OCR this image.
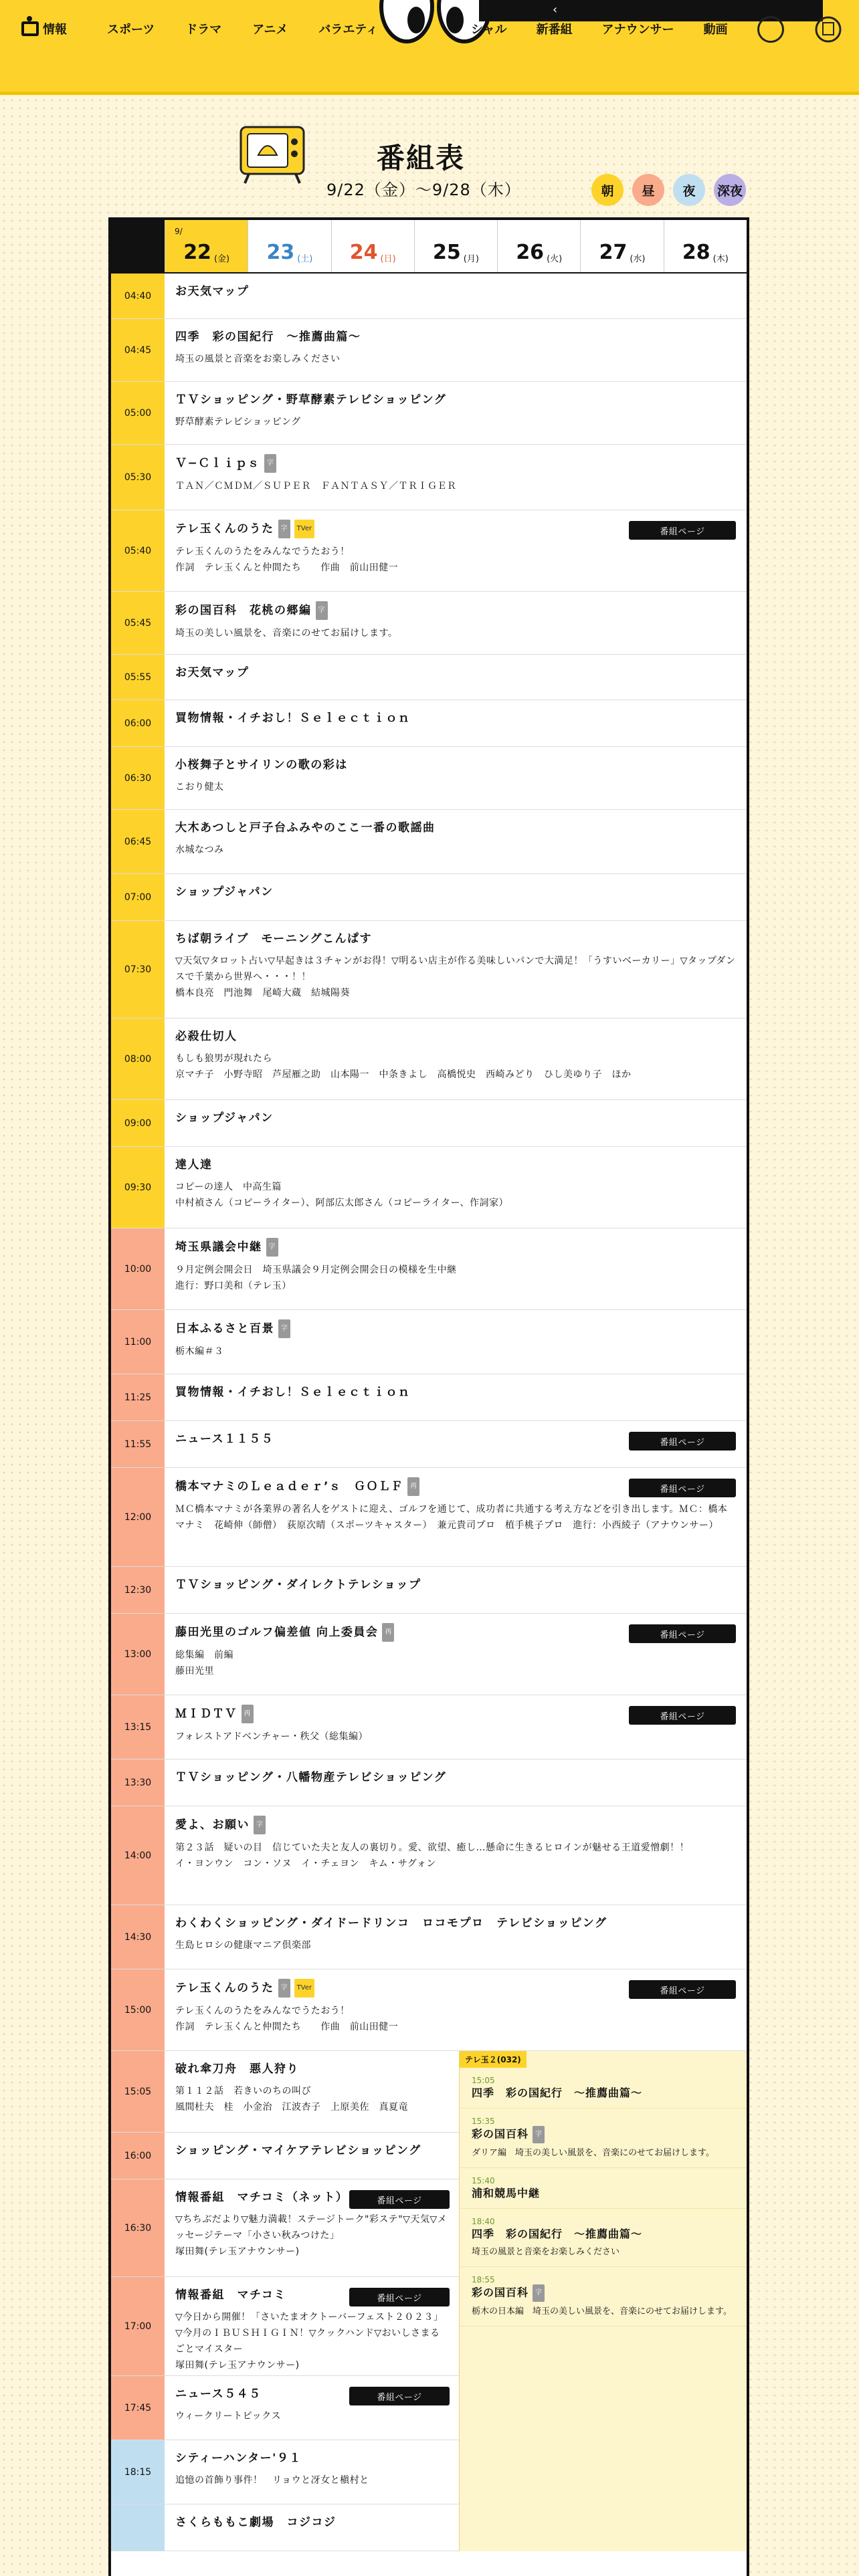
情報	スポーツ	ドラマ	アニメ	バラエティ
‹
シャル 新番組 アナウンサー 動画
番組表
9/22（金）〜9/28（木）	朝	昼	夜	深夜
9/
22 (金) 23 (土) 24 (日) 25 (月) 26 (火) 27 (水) 28 (木)
04:40	お天気マップ
04:45
四季　彩の国紀行　〜推薦曲篇〜
埼玉の風景と音楽をお楽しみください
05:00
ＴＶショッピング・野草酵素テレビショッピング
野草酵素テレビショッピング
05:30
Ｖ−Ｃｌｉｐｓ 字
ＴＡＮ／ＣＭＤＭ／ＳＵＰＥＲ　ＦＡＮＴＡＳＹ／ＴＲＩＧＥＲ
05:40
テレ玉くんのうた 字 TVer
テレ玉くんのうたをみんなでうたおう！
作詞　テレ玉くんと仲間たち　　作曲　前山田健一
番組ページ
05:45
彩の国百科　花桃の郷編 字
埼玉の美しい風景を、音楽にのせてお届けします。
05:55	お天気マップ
06:00	買物情報・イチおし！Ｓｅｌｅｃｔｉｏｎ
06:30
小桜舞子とサイリンの歌の彩は
こおり健太
06:45
大木あつしと戸子台ふみやのここ一番の歌謡曲
水城なつみ
07:00	ショップジャパン
07:30
ちば朝ライブ　モーニングこんぱす
▽天気▽タロット占い▽早起きは３チャンがお得！▽明るい店主が作る美味しいパンで大満足！「うすいベーカリー」▽タップダンスで千葉から世界へ・・・！！
橋本良亮　門池舞　尾崎大蔵　結城陽葵
08:00
必殺仕切人
もしも狼男が現れたら
京マチ子　小野寺昭　芦屋雁之助　山本陽一　中条きよし　高橋悦史　西崎みどり　ひし美ゆり子　ほか
09:00	ショップジャパン
09:30
達人達
コピーの達人　中高生篇
中村禎さん（コピーライター）、阿部広太郎さん（コピーライター、作詞家）
10:00
埼玉県議会中継 字
９月定例会開会日　埼玉県議会９月定例会開会日の模様を生中継
進行：野口美和（テレ玉）
11:00
日本ふるさと百景 字
栃木編＃３
11:25	買物情報・イチおし！Ｓｅｌｅｃｔｉｏｎ
11:55	ニュース１１５５	番組ページ
12:00
橋本マナミのＬｅａｄｅｒ’ｓ　ＧＯＬＦ 再
ＭＣ橋本マナミが各業界の著名人をゲストに迎え、ゴルフを通じて、成功者に共通する考え方などを引き出します。ＭＣ：橋本マナミ　花崎伸（師僧）　荻原次晴（スポーツキャスター）　兼元貴司プロ　植手桃子プロ　進行：小西綾子（アナウンサー）
番組ページ
12:30	ＴＶショッピング・ダイレクトテレショップ
13:00
藤田光里のゴルフ偏差値 向上委員会 再
総集編　前編
藤田光里
番組ページ
13:15
ＭＩＤＴＶ 再
フォレストアドベンチャー・秩父（総集編）
番組ページ
13:30	ＴＶショッピング・八幡物産テレビショッピング
14:00
愛よ、お願い 字
第２３話　疑いの目　信じていた夫と友人の裏切り。愛、欲望、癒し…懸命に生きるヒロインが魅せる王道愛憎劇！！
イ・ヨンウン　コン・ソヌ　イ・チェヨン　キム・サグォン
14:30
わくわくショッピング・ダイドードリンコ　ロコモプロ　テレビショッピング
生島ヒロシの健康マニア倶楽部
15:00
テレ玉くんのうた 字 TVer
テレ玉くんのうたをみんなでうたおう！
作詞　テレ玉くんと仲間たち　　作曲　前山田健一
番組ページ
15:05
破れ傘刀舟　悪人狩り
第１１２話　若きいのちの叫び
風間杜夫　桂　小金治　江波杏子　上原美佐　真夏竜
16:00	ショッピング・マイケアテレビショッピング
16:30
情報番組　マチコミ（ネット）
▽ちちぶだより▽魅力満載！ステージトーク"彩ステ"▽天気▽メッセージテーマ「小さい秋みつけた」
塚田舞(テレ玉アナウンサー)
番組ページ
17:00
情報番組　マチコミ
▽今日から開催！「さいたまオクトーバーフェスト２０２３」▽今月のＩＢＵＳＨＩＧＩＮ！▽クックハンド▽おいしさまるごとマイスター
塚田舞(テレ玉アナウンサー)
番組ページ
17:45
ニュース５４５
ウィークリートピックス
番組ページ
18:15
シティーハンター'９１
追憶の首飾り事件！　リョウと冴女と槇村と
さくらももこ劇場　コジコジ
テレ玉２(032)
15:05
四季　彩の国紀行　〜推薦曲篇〜
15:35
彩の国百科 字
ダリア編　埼玉の美しい風景を、音楽にのせてお届けします。
15:40
浦和競馬中継
18:40
四季　彩の国紀行　〜推薦曲篇〜
埼玉の風景と音楽をお楽しみください
18:55
彩の国百科 字
栃木の日本編　埼玉の美しい風景を、音楽にのせてお届けします。
